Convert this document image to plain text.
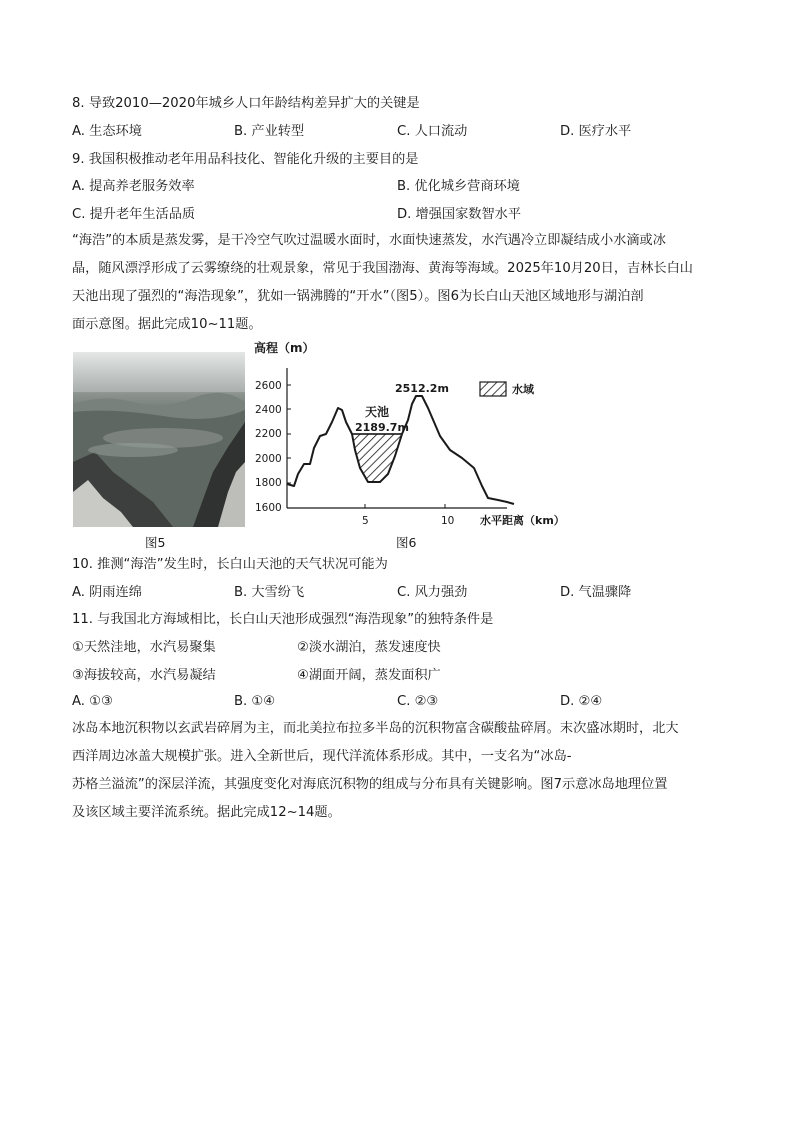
8. 导致2010—2020年城乡人口年龄结构差异扩大的关键是
A. 生态环境	B. 产业转型	C. 人口流动	D. 医疗水平
9. 我国积极推动老年用品科技化、智能化升级的主要目的是
A. 提高养老服务效率	B. 优化城乡营商环境
C. 提升老年生活品质	D. 增强国家数智水平
“海浩”的本质是蒸发雾，是干冷空气吹过温暖水面时，水面快速蒸发，水汽遇冷立即凝结成小水滴或冰
晶，随风漂浮形成了云雾缭绕的壮观景象，常见于我国渤海、黄海等海域。2025年10月20日，吉林长白山
天池出现了强烈的“海浩现象”，犹如一锅沸腾的“开水”（图5）。图6为长白山天池区域地形与湖泊剖
面示意图。据此完成10~11题。
高程（m）
2600
2400
2200
2000
1800
1600
5	10 水平距离（km）
天池
2189.7m
2512.2m	水域
图5	图6
10. 推测“海浩”发生时，长白山天池的天气状况可能为
A. 阴雨连绵	B. 大雪纷飞	C. 风力强劲	D. 气温骤降
11. 与我国北方海域相比，长白山天池形成强烈“海浩现象”的独特条件是
①天然洼地，水汽易聚集	②淡水湖泊，蒸发速度快
③海拔较高，水汽易凝结	④湖面开阔，蒸发面积广
A. ①③	B. ①④	C. ②③	D. ②④
冰岛本地沉积物以玄武岩碎屑为主，而北美拉布拉多半岛的沉积物富含碳酸盐碎屑。末次盛冰期时，北大
西洋周边冰盖大规模扩张。进入全新世后，现代洋流体系形成。其中，一支名为“冰岛-
苏格兰溢流”的深层洋流，其强度变化对海底沉积物的组成与分布具有关键影响。图7示意冰岛地理位置
及该区域主要洋流系统。据此完成12~14题。
